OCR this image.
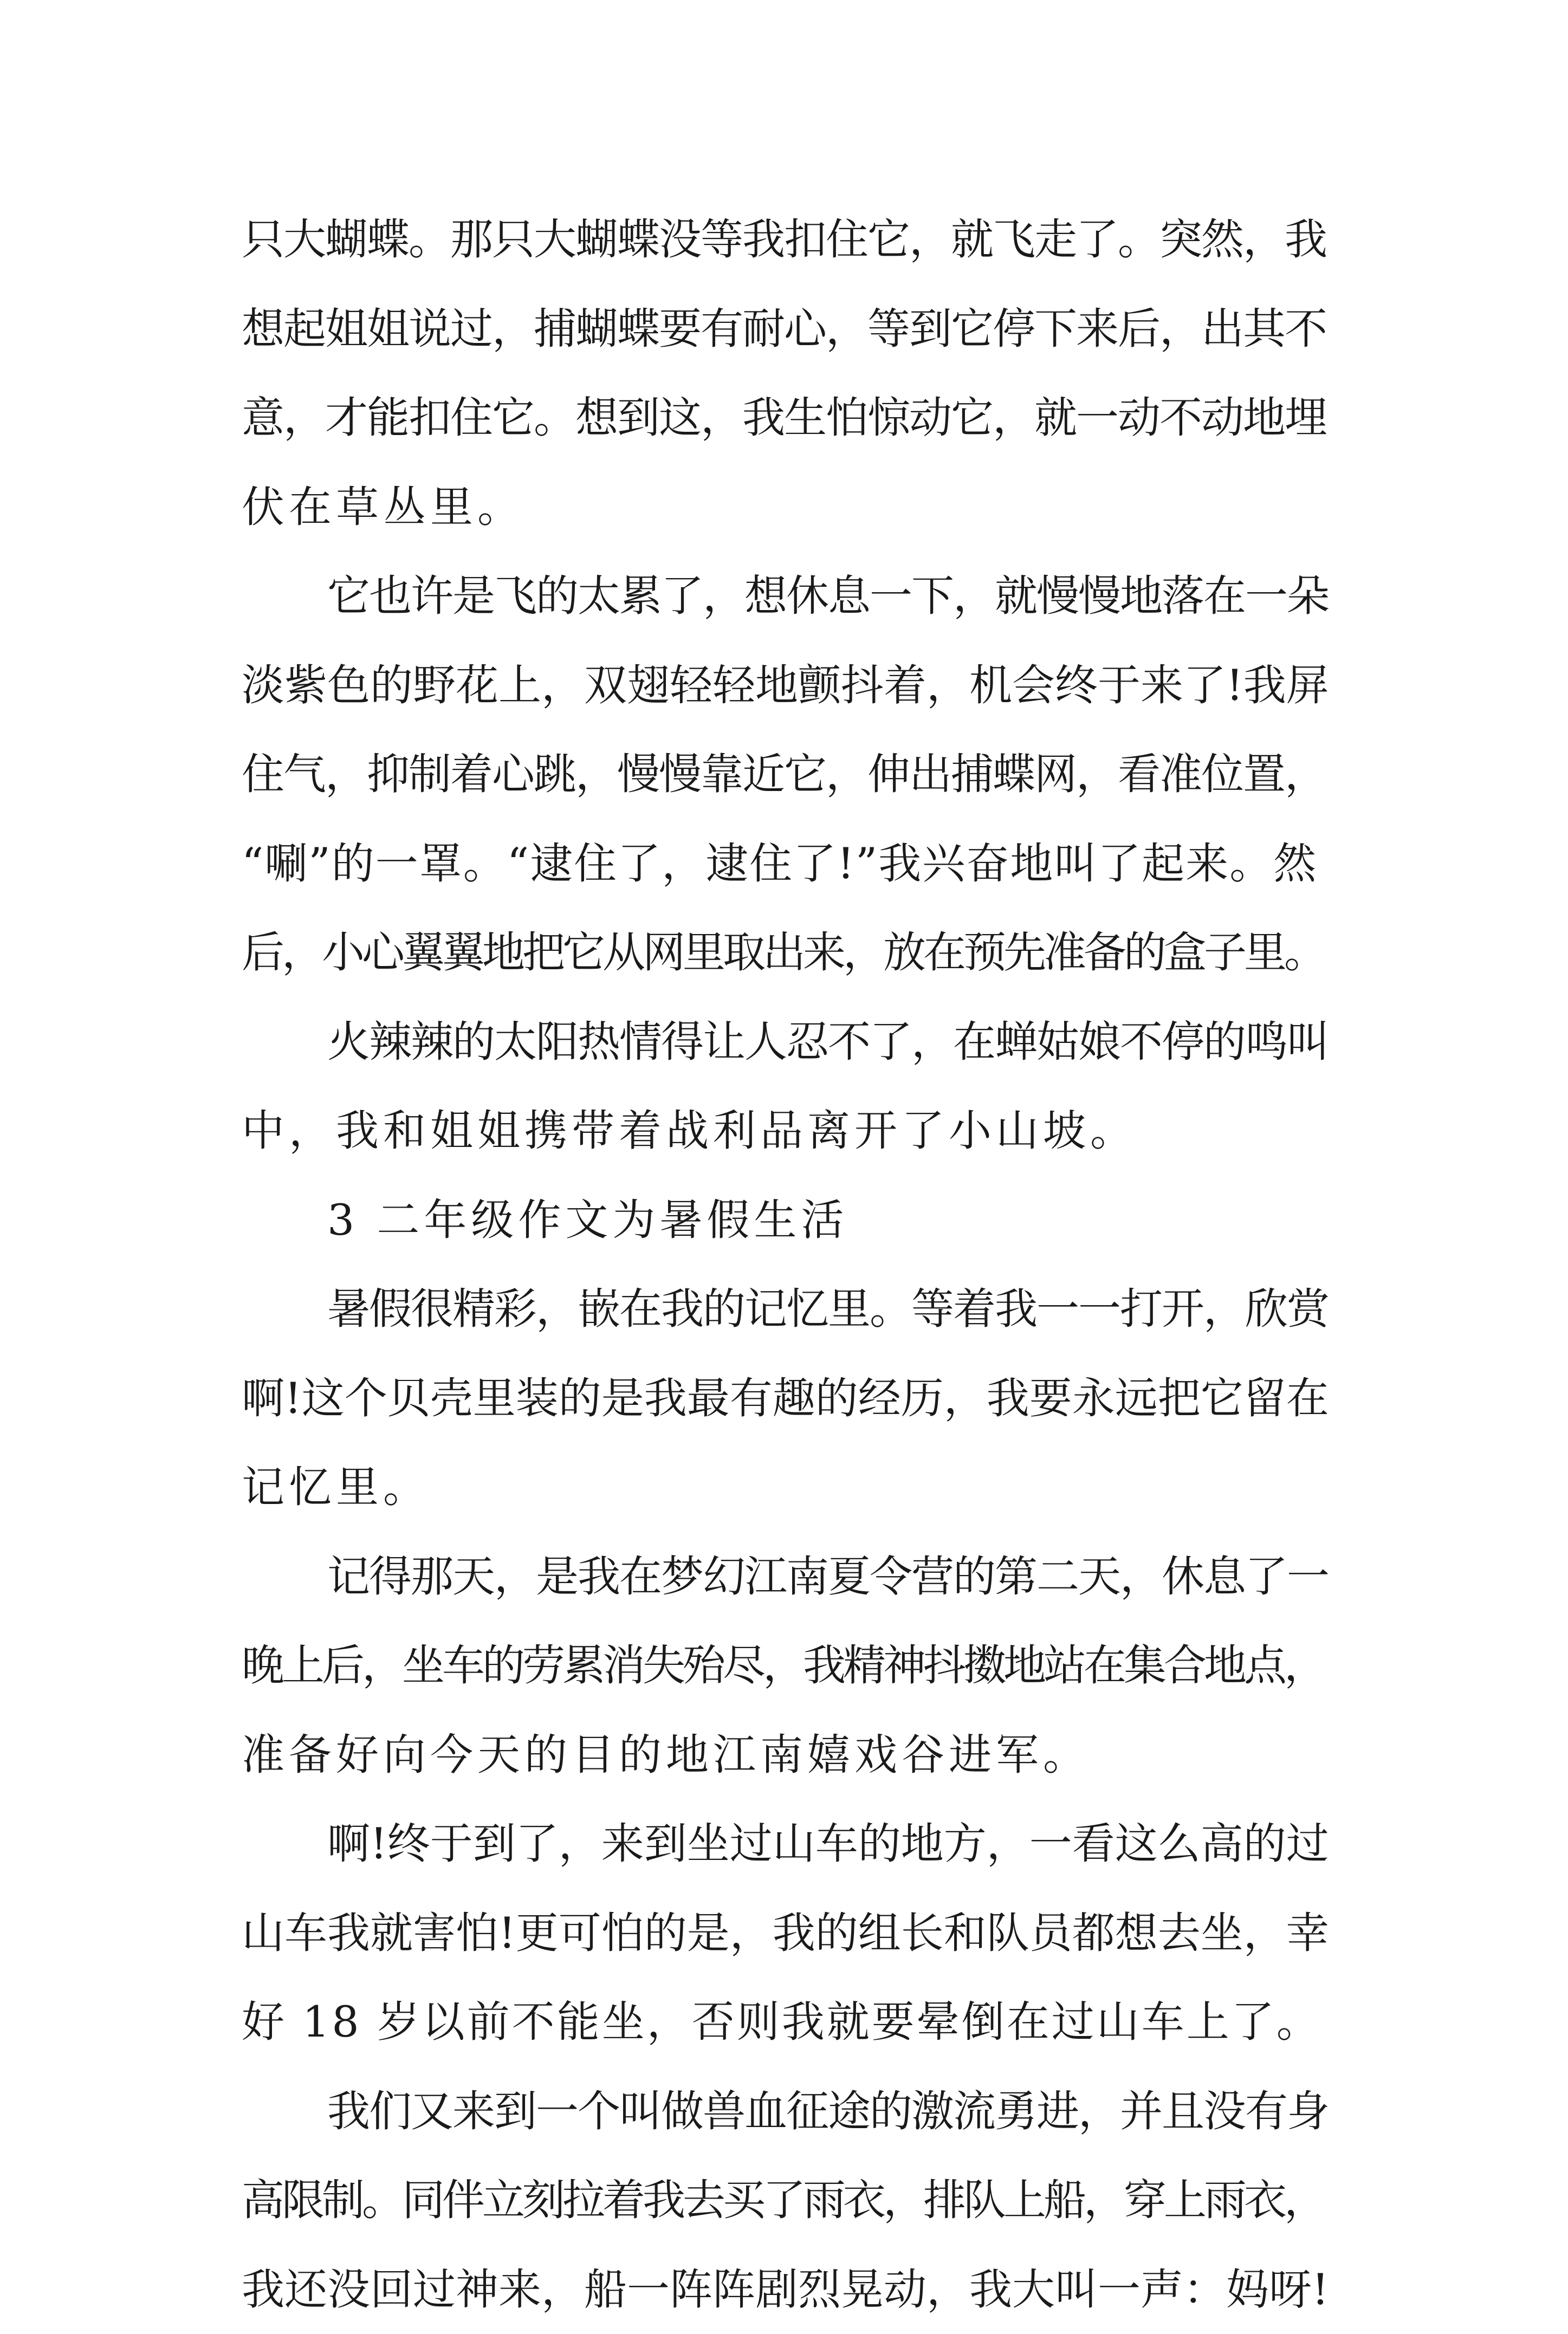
只大蝴蝶。那只大蝴蝶没等我扣住它，就飞走了。突然，我
想起姐姐说过，捕蝴蝶要有耐心，等到它停下来后，出其不
意，才能扣住它。想到这，我生怕惊动它，就一动不动地埋
伏在草丛里。
它也许是飞的太累了，想休息一下，就慢慢地落在一朵
淡紫色的野花上，双翅轻轻地颤抖着，机会终于来了!我屏
住气，抑制着心跳，慢慢靠近它，伸出捕蝶网，看准位置，
“唰”的一罩。“逮住了，逮住了!”我兴奋地叫了起来。然
后，小心翼翼地把它从网里取出来，放在预先准备的盒子里。
火辣辣的太阳热情得让人忍不了，在蝉姑娘不停的鸣叫
中，我和姐姐携带着战利品离开了小山坡。
3 二年级作文为暑假生活
暑假很精彩，嵌在我的记忆里。等着我一一打开，欣赏
啊!这个贝壳里装的是我最有趣的经历，我要永远把它留在
记忆里。
记得那天，是我在梦幻江南夏令营的第二天，休息了一
晚上后，坐车的劳累消失殆尽，我精神抖擞地站在集合地点，
准备好向今天的目的地江南嬉戏谷进军。
啊!终于到了，来到坐过山车的地方，一看这么高的过
山车我就害怕!更可怕的是，我的组长和队员都想去坐，幸
好 18 岁以前不能坐，否则我就要晕倒在过山车上了。
我们又来到一个叫做兽血征途的激流勇进，并且没有身
高限制。同伴立刻拉着我去买了雨衣，排队上船，穿上雨衣，
我还没回过神来，船一阵阵剧烈晃动，我大叫一声：妈呀!
